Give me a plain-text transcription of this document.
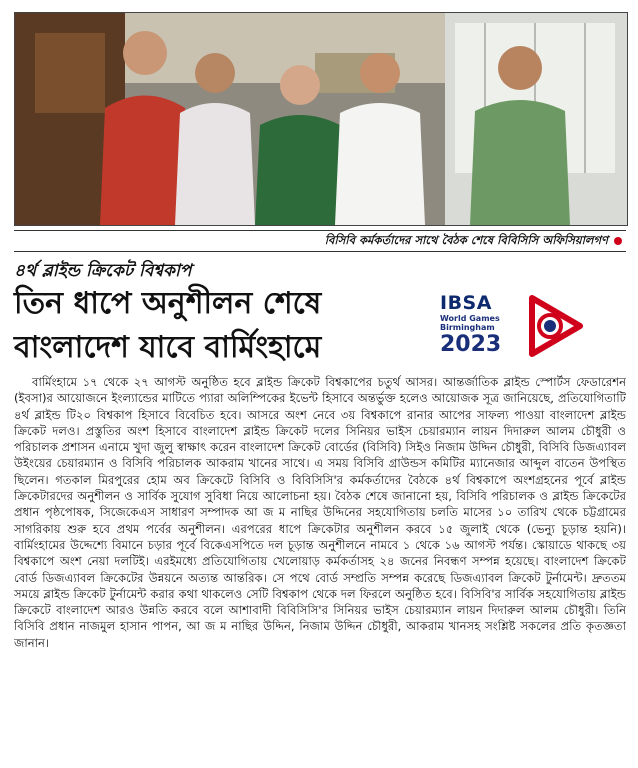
বিসিবি কর্মকর্তাদের সাথে বৈঠক শেষে বিবিসিসি অফিসিয়ালগণ
৪র্থ ব্লাইন্ড ক্রিকেট বিশ্বকাপ
তিন ধাপে অনুশীলন শেষে
বাংলাদেশ যাবে বার্মিংহামে
IBSA
World Games
Birmingham
2023

বার্মিংহামে ১৭ থেকে ২৭ আগস্ট অনুষ্ঠিত হবে ব্লাইন্ড ক্রিকেট বিশ্বকাপের চতুর্থ আসর। আন্তর্জাতিক ব্লাইন্ড স্পোর্টস ফেডারেশন (ইবসা)র আয়োজনে ইংল্যান্ডের মাটিতে প্যারা অলিম্পিকের ইভেন্ট হিসাবে অন্তর্ভুক্ত হলেও আয়োজক সূত্র জানিয়েছে, প্রতিযোগিতাটি ৪র্থ ব্লাইন্ড টি২০ বিশ্বকাপ হিসাবে বিবেচিত হবে। আসরে অংশ নেবে ৩য় বিশ্বকাপে রানার আপের সাফল্য পাওয়া বাংলাদেশ ব্লাইন্ড ক্রিকেট দলও। প্রস্তুতির অংশ হিসাবে বাংলাদেশ ব্লাইন্ড ক্রিকেট দলের সিনিয়র ভাইস চেয়ারম্যান লায়ন দিদারুল আলম চৌধুরী ও পরিচালক প্রশাসন এনামে খুদা জুলু স্বাক্ষাৎ করেন বাংলাদেশ ক্রিকেট বোর্ডের (বিসিবি) সিইও নিজাম উদ্দিন চৌধুরী, বিসিবি ডিজএ্যাবল উইংয়ের চেয়ারম্যান ও বিসিবি পরিচালক আকরাম খানের সাথে। এ সময় বিসিবি গ্রাউন্ডস কমিটির ম্যানেজার আব্দুল বাতেন উপস্থিত ছিলেন। গতকাল মিরপুরের হোম অব ক্রিকেটে বিসিবি ও বিবিসিসি'র কর্মকর্তাদের বৈঠকে ৪র্থ বিশ্বকাপে অংশগ্রহনের পূর্বে ব্লাইন্ড ক্রিকেটারদের অনুশীলন ও সার্বিক সুযোগ সুবিধা নিয়ে আলোচনা হয়। বৈঠক শেষে জানানো হয়, বিসিবি পরিচালক ও ব্লাইন্ড ক্রিকেটের প্রধান পৃষ্ঠপোষক, সিজেকেএস সাধারণ সম্পাদক আ জ ম নাছির উদ্দিনের সহযোগিতায় চলতি মাসের ১০ তারিখ থেকে চট্টগ্রামের সাগরিকায় শুরু হবে প্রথম পর্বের অনুশীলন। এরপরের ধাপে ক্রিকেটার অনুশীলন করবে ১৫ জুলাই থেকে (ভেন্যু চূড়ান্ত হয়নি)। বার্মিংহামের উদ্দেশ্যে বিমানে চড়ার পূর্বে বিকেএসপিতে দল চূড়ান্ত অনুশীলনে নামবে ১ থেকে ১৬ আগস্ট পর্যন্ত। স্কোয়াডে থাকছে ৩য় বিশ্বকাপে অংশ নেয়া দলটিই। এরইমধ্যে প্রতিযোগিতায় খেলোয়াড় কর্মকর্তাসহ ২৪ জনের নিবন্ধণ সম্পন্ন হয়েছে। বাংলাদেশ ক্রিকেট বোর্ড ডিজএ্যাবল ক্রিকেটের উন্নয়নে অত্যন্ত আন্তরিক। সে পথে বোর্ড সম্প্রতি সম্পন্ন করেছে ডিজএ্যাবল ক্রিকেট টুর্নামেন্ট। দ্রুততম সময়ে ব্লাইন্ড ক্রিকেট টুর্নামেন্ট করার কথা থাকলেও সেটি বিশ্বকাপ থেকে দল ফিরলে অনুষ্ঠিত হবে। বিসিবি'র সার্বিক সহযোগিতায় ব্লাইন্ড ক্রিকেটে বাংলাদেশ আরও উন্নতি করবে বলে আশাবাদী বিবিসিসি'র সিনিয়র ভাইস চেয়ারম্যান লায়ন দিদারুল আলম চৌধুরী। তিনি বিসিবি প্রধান নাজমুল হাসান পাপন, আ জ ম নাছির উদ্দিন, নিজাম উদ্দিন চৌধুরী, আকরাম খানসহ সংশ্লিষ্ট সকলের প্রতি কৃতজ্ঞতা জানান।
